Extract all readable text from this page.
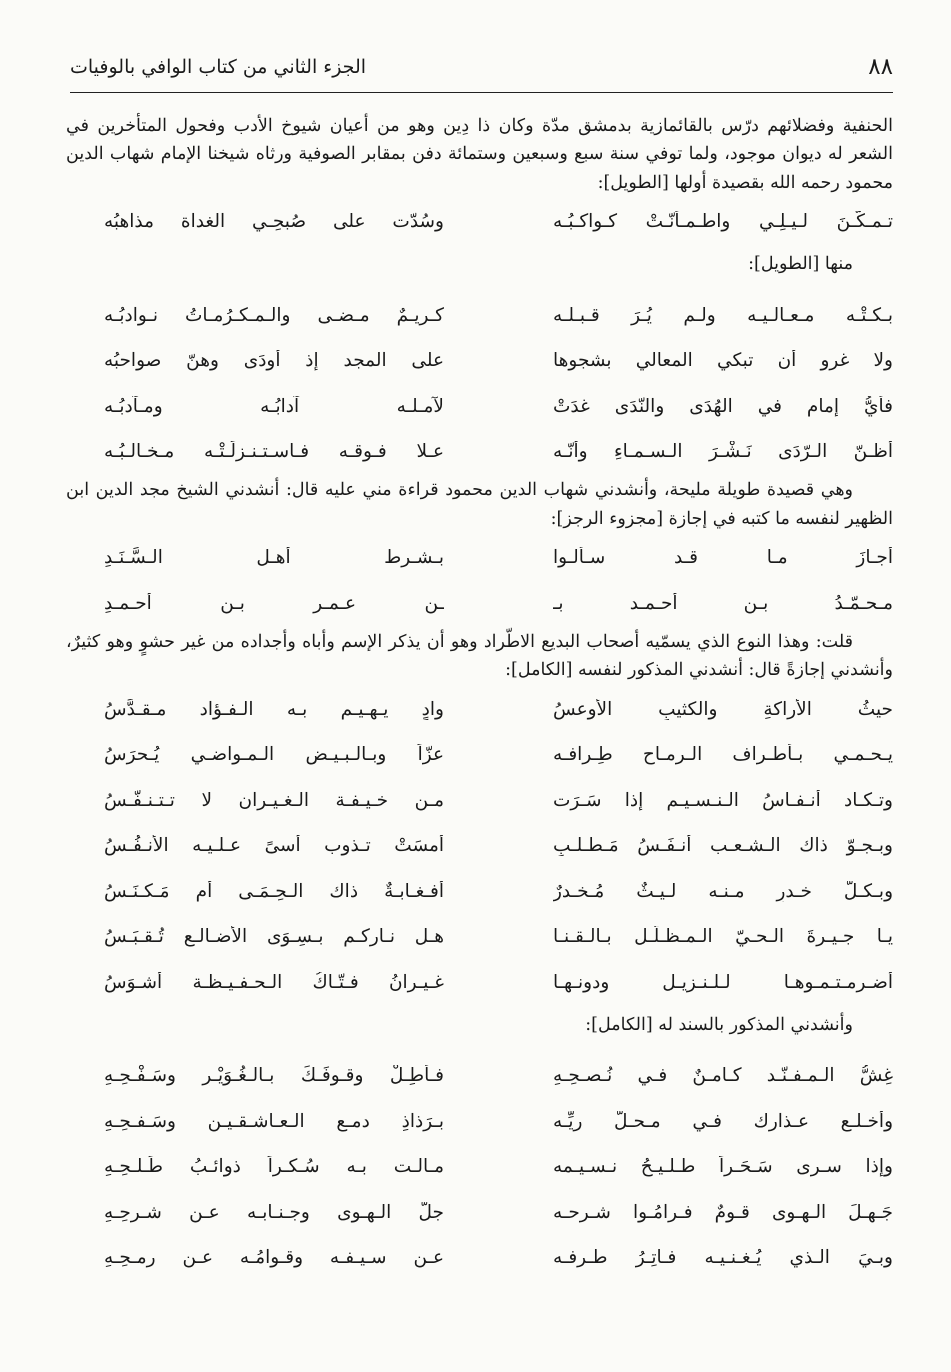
٨٨
الجزء الثاني من كتاب الوافي بالوفيات

الحنفية وفضلائهم درّس بالقائمازية بدمشق مدّة وكان ذا دِين وهو من أعيان شيوخ الأدب وفحول المتأخرين في الشعر له ديوان موجود، ولما توفي سنة سبع وسبعين وستمائة دفن بمقابر الصوفية ورثاه شيخنا الإمام شهاب الدين محمود رحمه الله بقصيدة أولها [الطويل]:

تـمـكّـنَ لـيـلِـي واطـمـأنّـتْ كـواكـبُـه
وسُدّت على صُبحِـي الغداة مذاهبُه
منها [الطويل]:
بـكـتْـه مـعـالـيـه ولـم يُـرَ قـبـلـه
كـريـمٌ مـضـى والـمـكـرُمـاتُ نـوادبُـه
ولا غرو أن تبكي المعالي بشجوها
على المجد إذ أودَى وهنّ صواحبُه
فأيُّ إمامٍ في الهُدَى والنّدَى غدَتْ
لآمـلـه آدابُـه ومـآدبُـه
أظـنّ الـرّدَى نَـشْـرَ الـسـمـاءِ وأنّـه
عـلا فـوقـه فـاسـتـنـزلَـتْـه مـخـالـبُـه

وهي قصيدة طويلة مليحة، وأنشدني شهاب الدين محمود قراءة مني عليه قال: أنشدني الشيخ مجد الدين ابن الظهير لنفسه ما كتبه في إجازة [مجزوء الرجز]:

أجـازَ مـا قـد سـألـوا
بـشـرط أهـل الـسَّـنَـدِ
مـحـمّـدُ بـن أحـمـد بـ
ـنِ عـمـر بـن أحـمـدِ

قلت: وهذا النوع الذي يسمّيه أصحاب البديع الاطّراد وهو أن يذكر الإسم وأباه وأجداده من غير حشوٍ وهو كثيرٌ، وأنشدني إجازةً قال: أنشدني المذكور لنفسه [الكامل]:

حيثُ الأراكةِ والكثيبِ الأوعسُ
وادٍ يـهـيـم بـه الـفـؤاد مـقـدَّسُ
يـحـمـي بـأطـراف الـرمـاح طِـرافـه
عزّاً وبـالـبـيـض الـمـواضـي يُـحرَسُ
وتـكـاد أنـفـاسُ الـنـسـيـم إذا سَـرَت
مـن خـيـفـة الـغـيـران لا تـتـنـفَّـسُ
وبـجـوّ ذاك الـشـعـب أنـفَـسُ مَـطـلـبٍ
أمسَتْ تـذوب أسىً عـلـيـه الأنـفُـسُ
وبـكـلّ خـدرٍ مـنـه لـيـثٌ مُـخـدرٌ
أفـغـابـةٌ ذاك الـحِـمَـى أم مَـكـنَـسُ
يـا جـيـرةَ الـحـيّ الـمـظـلّـل بـالـقـنـا
هـل نـاركـم بـسِـوَى الأضـالـع تُـقـبَـسُ
أضـرمـتـمـوهـا لـلـنـزيـل ودونـهـا
غـيـرانُ فـتّـاكُ الـحـفـيـظـة أشـوَسُ
وأنشدني المذكور بالسند له [الكامل]:
غِشُّ الـمـفـنّـد كـامـنٌ فـي نُـصـحِـهِ
فـأطِـلْ وقـوفَـكَ بـالـغُـوَيْـرِ وسَـفْـحِـهِ
وأخـلـع عـذارك فـي مـحـلّ ريِّـه
بـرَذاذِ دمـع الـعـاشـقـيـن وسَـفـحِـهِ
وإذا سـرى سَـحَـراً طـلـيـحُ نـسـيـمه
مـالـت بـه سُـكـراً ذوائـبُ طَـلـحِـهِ
جَـهِـلَ الـهـوى قـومٌ فـرامُـوا شـرحـه
جلَّ الـهـوى وجـنـابـه عـن شـرحِـهِ
وبـيَ الـذي يُـغـنـيـه فـاتِـرُ طـرفـه
عـن سـيـفـه وقـوامُـه عـن رمـحِـهِ
